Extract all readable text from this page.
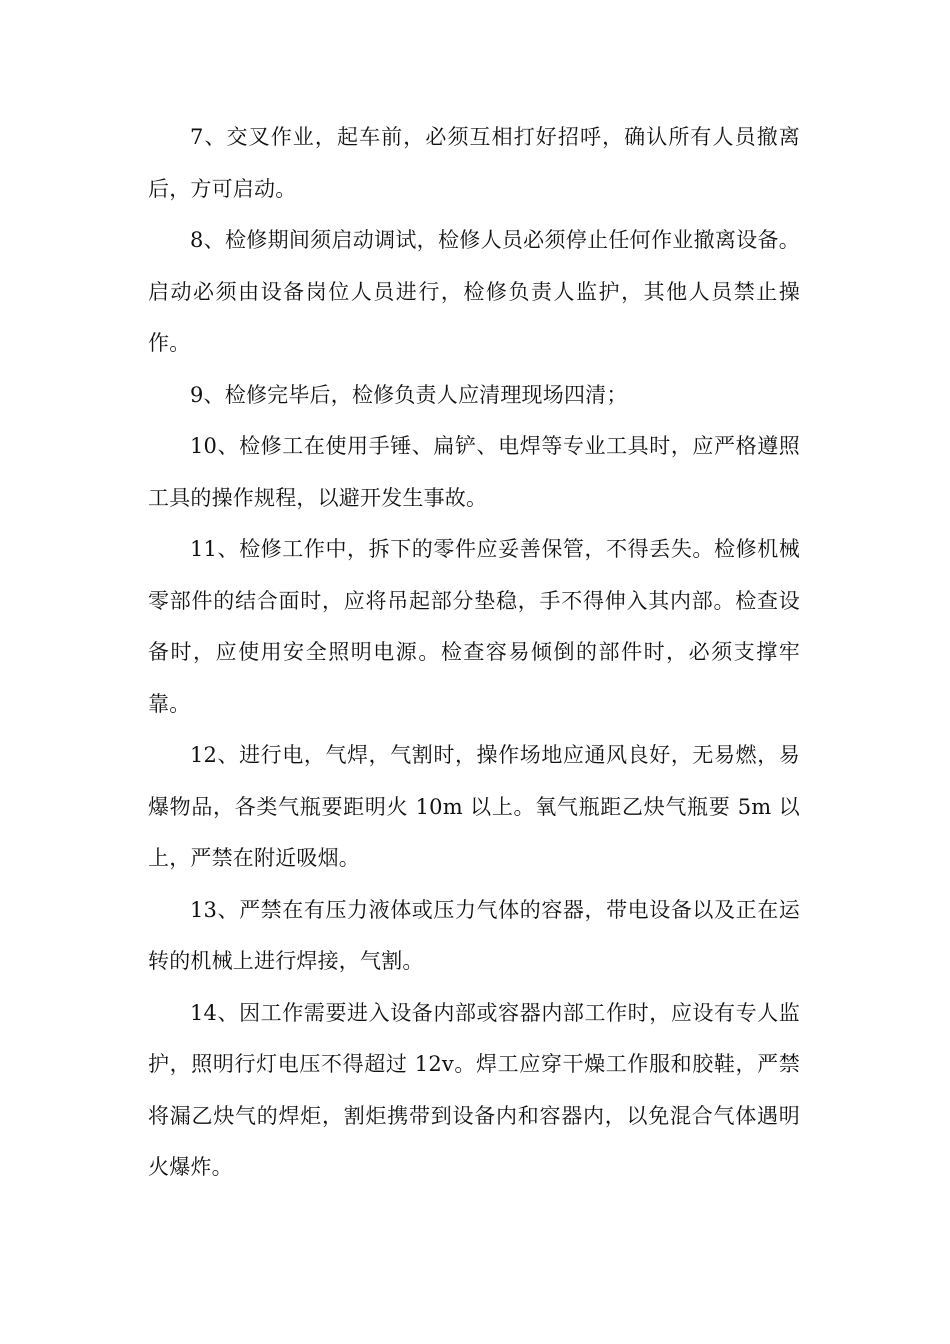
7、交叉作业，起车前，必须互相打好招呼，确认所有人员撤离后，方可启动。

8、检修期间须启动调试，检修人员必须停止任何作业撤离设备。启动必须由设备岗位人员进行，检修负责人监护，其他人员禁止操作。

9、检修完毕后，检修负责人应清理现场四清；

10、检修工在使用手锤、扁铲、电焊等专业工具时，应严格遵照工具的操作规程，以避开发生事故。

11、检修工作中，拆下的零件应妥善保管，不得丢失。检修机械零部件的结合面时，应将吊起部分垫稳，手不得伸入其内部。检查设备时，应使用安全照明电源。检查容易倾倒的部件时，必须支撑牢靠。

12、进行电，气焊，气割时，操作场地应通风良好，无易燃，易爆物品，各类气瓶要距明火 10m 以上。氧气瓶距乙炔气瓶要 5m 以上，严禁在附近吸烟。

13、严禁在有压力液体或压力气体的容器，带电设备以及正在运转的机械上进行焊接，气割。

14、因工作需要进入设备内部或容器内部工作时，应设有专人监护，照明行灯电压不得超过 12v。焊工应穿干燥工作服和胶鞋，严禁将漏乙炔气的焊炬，割炬携带到设备内和容器内，以免混合气体遇明火爆炸。
